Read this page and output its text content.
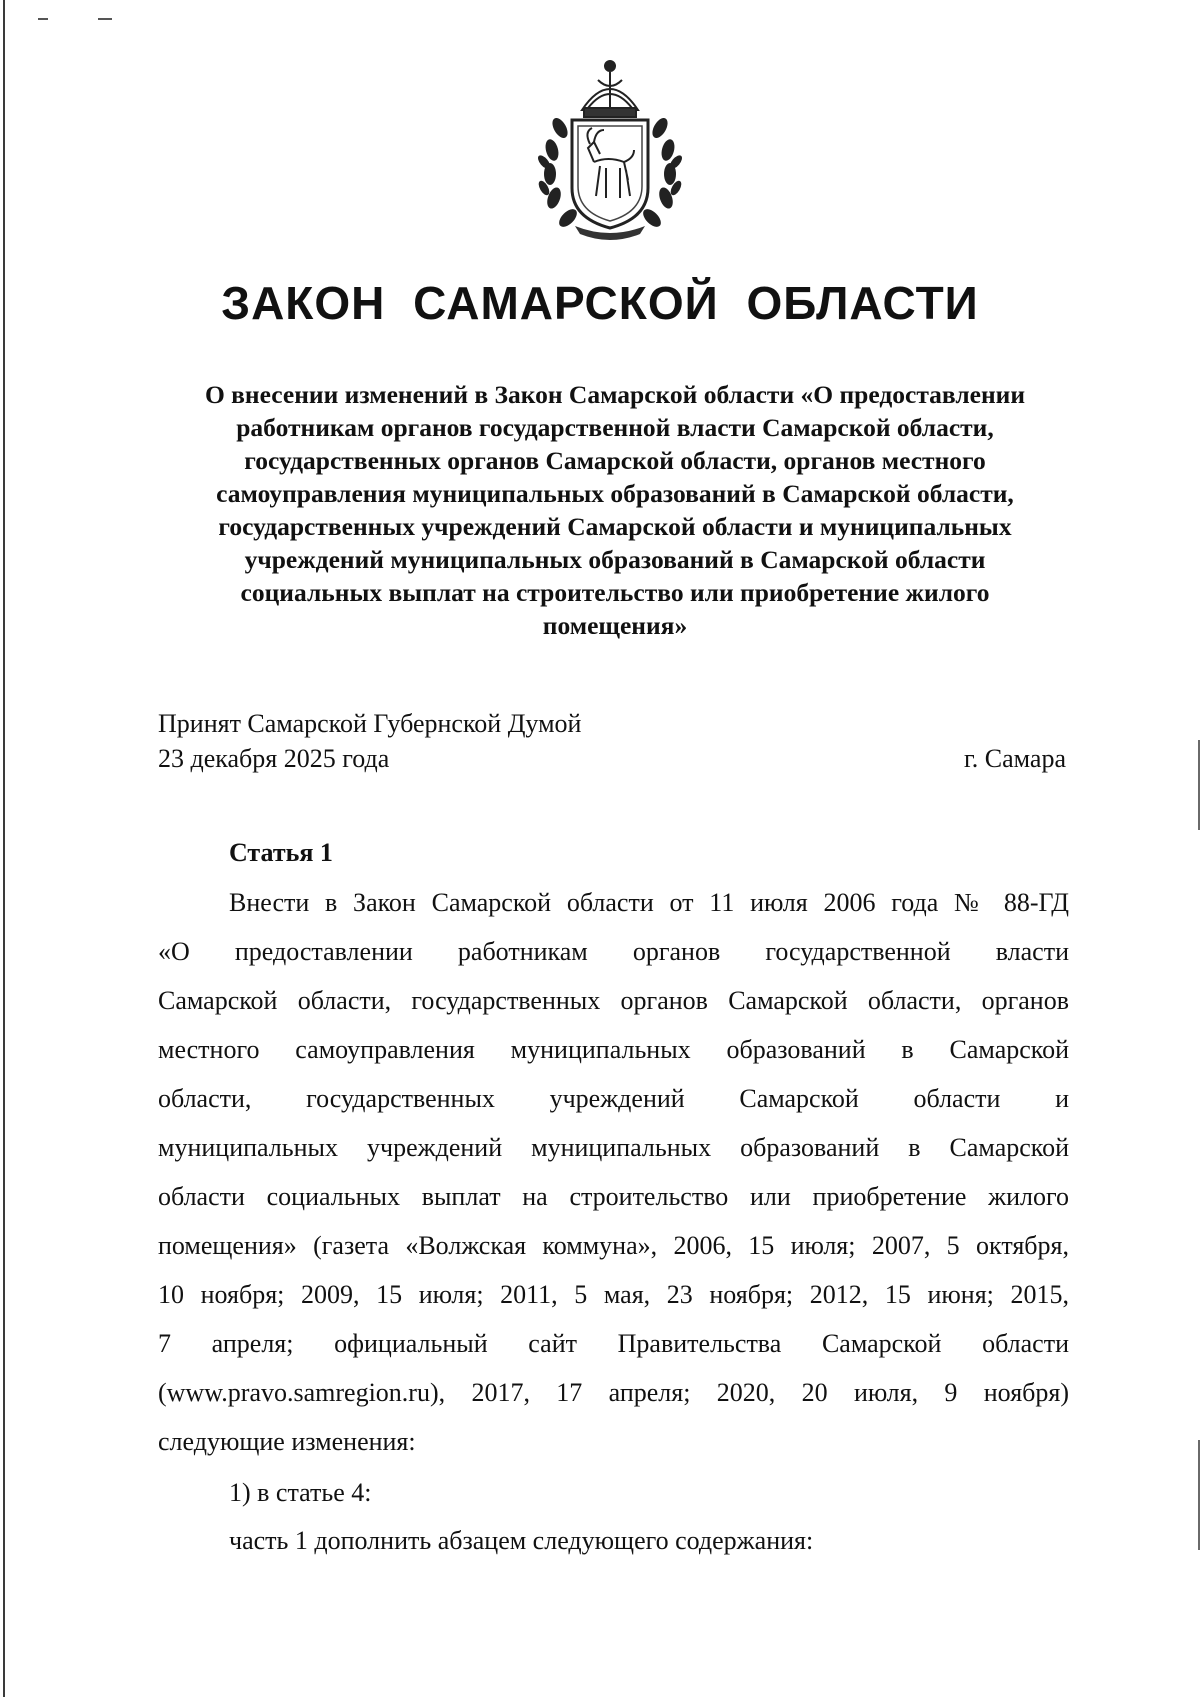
ЗАКОН САМАРСКОЙ ОБЛАСТИ
О внесении изменений в Закон Самарской области «О предоставлении
работникам органов государственной власти Самарской области,
государственных органов Самарской области, органов местного
самоуправления муниципальных образований в Самарской области,
государственных учреждений Самарской области и муниципальных
учреждений муниципальных образований в Самарской области
социальных выплат на строительство или приобретение жилого
помещения»
Принят Самарской Губернской Думой
23 декабря 2025 года	г. Самара
Статья 1
Внести в Закон Самарской области от 11 июля 2006 года № 88-ГД
«О предоставлении работникам органов государственной власти
Самарской области, государственных органов Самарской области, органов
местного самоуправления муниципальных образований в Самарской
области, государственных учреждений Самарской области и
муниципальных учреждений муниципальных образований в Самарской
области социальных выплат на строительство или приобретение жилого
помещения» (газета «Волжская коммуна», 2006, 15 июля; 2007, 5 октября,
10 ноября; 2009, 15 июля; 2011, 5 мая, 23 ноября; 2012, 15 июня; 2015,
7 апреля; официальный сайт Правительства Самарской области
(www.pravo.samregion.ru), 2017, 17 апреля; 2020, 20 июля, 9 ноября)
следующие изменения:
1) в статье 4:
часть 1 дополнить абзацем следующего содержания:
